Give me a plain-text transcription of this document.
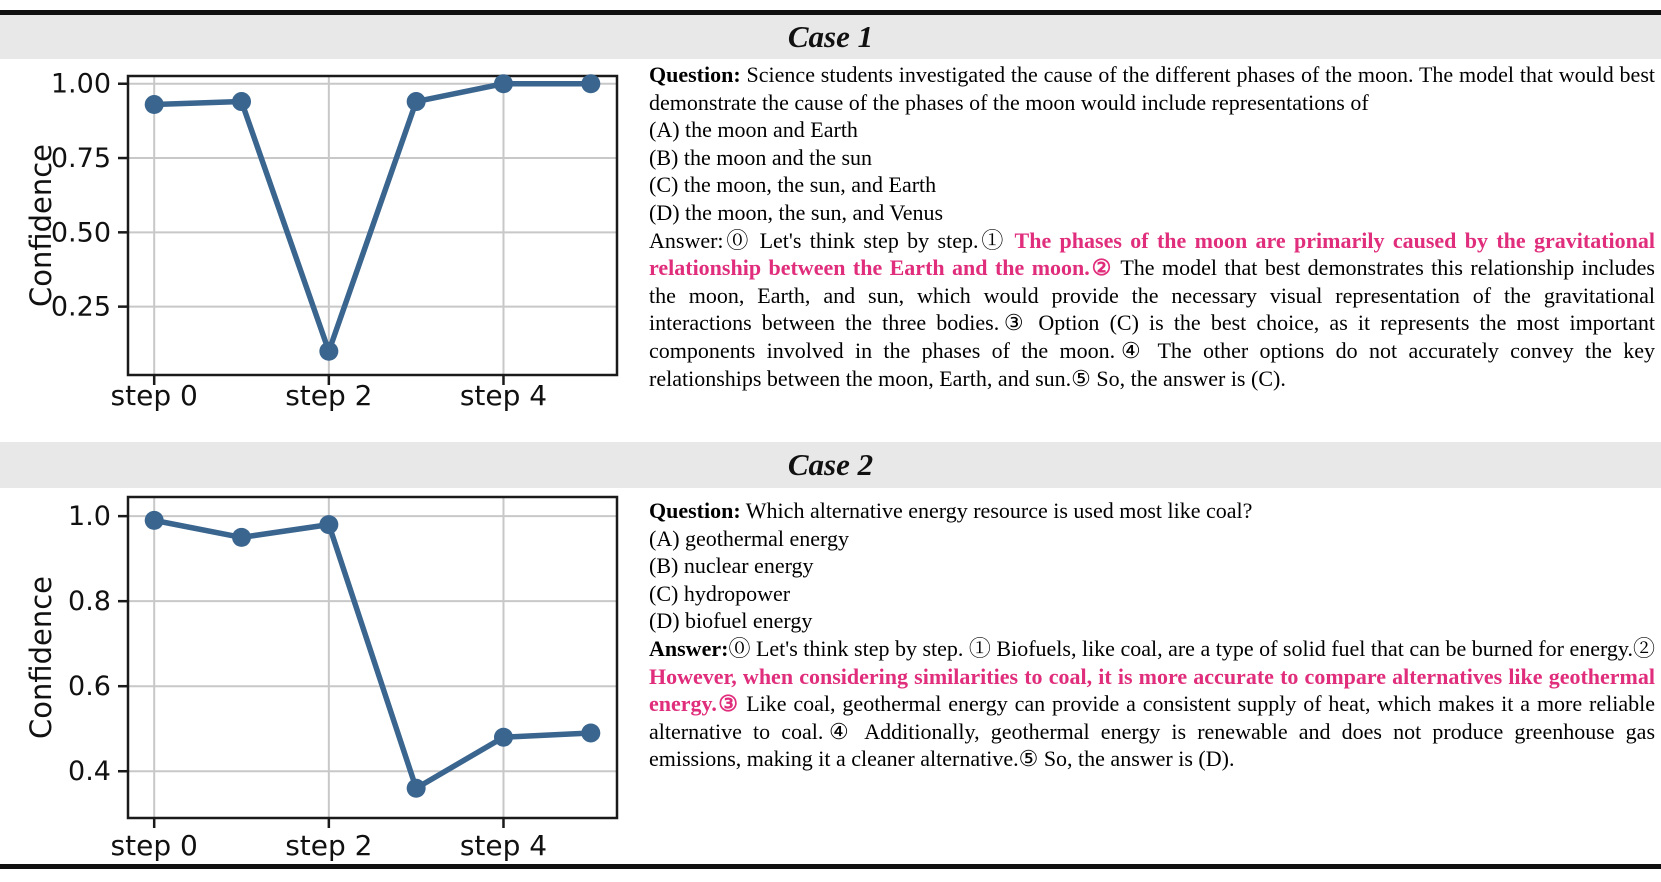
Case 1
step 0	step 2	step 4
0.25
0.50
0.75
1.00
Confidence

Question: Science students investigated the cause of the different phases of the moon. The model that would best demonstrate the cause of the phases of the moon would include representations of

(A) the moon and Earth
(B) the moon and the sun
(C) the moon, the sun, and Earth
(D) the moon, the sun, and Venus

Answer:⓪ Let's think step by step.① The phases of the moon are primarily caused by the gravitational relationship between the Earth and the moon.② The model that best demonstrates this relationship includes the moon, Earth, and sun, which would provide the necessary visual representation of the gravitational interactions between the three bodies.③ Option (C) is the best choice, as it represents the most important components involved in the phases of the moon.④ The other options do not accurately convey the key relationships between the moon, Earth, and sun.⑤ So, the answer is (C).

Case 2
step 0	step 2	step 4
0.4
0.6
0.8
1.0
Confidence

Question: Which alternative energy resource is used most like coal?

(A) geothermal energy
(B) nuclear energy
(C) hydropower
(D) biofuel energy

Answer:⓪ Let's think step by step. ① Biofuels, like coal, are a type of solid fuel that can be burned for energy.② However, when considering similarities to coal, it is more accurate to compare alternatives like geothermal energy.③ Like coal, geothermal energy can provide a consistent supply of heat, which makes it a more reliable alternative to coal.④ Additionally, geothermal energy is renewable and does not produce greenhouse gas emissions, making it a cleaner alternative.⑤ So, the answer is (D).
